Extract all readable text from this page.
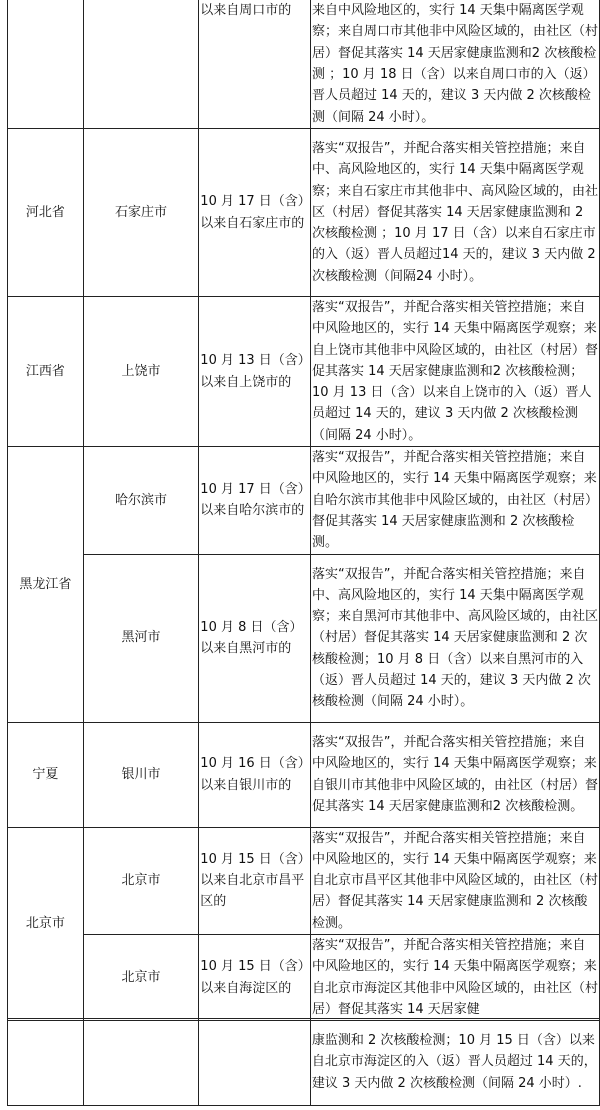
		以来自周口市的	来自中风险地区的，实行 14 天集中隔离医学观察；来自周口市其他非中风险区域的，由社区（村居）督促其落实 14 天居家健康监测和2 次核酸检测 ；10 月 18 日（含）以来自周口市的入（返）晋人员超过 14 天的，建议 3 天内做 2 次核酸检测（间隔 24 小时）。
河北省	石家庄市	10 月 17 日（含）以来自石家庄市的	落实“双报告”，并配合落实相关管控措施；来自中、高风险地区的，实行 14 天集中隔离医学观察；来自石家庄市其他非中、高风险区域的，由社区（村居）督促其落实 14 天居家健康监测和 2 次核酸检测 ；10 月 17 日（含）以来自石家庄市的入（返）晋人员超过14 天的，建议 3 天内做 2 次核酸检测（间隔24 小时）。
江西省	上饶市	10 月 13 日（含）以来自上饶市的	落实“双报告”，并配合落实相关管控措施；来自中风险地区的，实行 14 天集中隔离医学观察；来自上饶市其他非中风险区域的，由社区（村居）督促其落实 14 天居家健康监测和2 次核酸检测；10 月 13 日（含）以来自上饶市的入（返）晋人员超过 14 天的，建议 3 天内做 2 次核酸检测（间隔 24 小时）。
黑龙江省	哈尔滨市	10 月 17 日（含）以来自哈尔滨市的	落实“双报告”，并配合落实相关管控措施；来自中风险地区的，实行 14 天集中隔离医学观察；来自哈尔滨市其他非中风险区域的，由社区（村居）督促其落实 14 天居家健康监测和 2 次核酸检测。
	黑河市	10 月 8 日（含）以来自黑河市的	落实“双报告”，并配合落实相关管控措施；来自中、高风险地区的，实行 14 天集中隔离医学观察；来自黑河市其他非中、高风险区域的，由社区（村居）督促其落实 14 天居家健康监测和 2 次核酸检测；10 月 8 日（含）以来自黑河市的入（返）晋人员超过 14 天的，建议 3 天内做 2 次核酸检测（间隔 24 小时）。
宁夏	银川市	10 月 16 日（含）以来自银川市的	落实“双报告”，并配合落实相关管控措施；来自中风险地区的，实行 14 天集中隔离医学观察；来自银川市其他非中风险区域的，由社区（村居）督促其落实 14 天居家健康监测和2 次核酸检测。
北京市	北京市	10 月 15 日（含）以来自北京市昌平区的	落实“双报告”，并配合落实相关管控措施；来自中风险地区的，实行 14 天集中隔离医学观察；来自北京市昌平区其他非中风险区域的，由社区（村居）督促其落实 14 天居家健康监测和 2 次核酸检测。
	北京市	10 月 15 日（含）以来自海淀区的	落实“双报告”，并配合落实相关管控措施；来自中风险地区的，实行 14 天集中隔离医学观察；来自北京市海淀区其他非中风险区域的，由社区（村居）督促其落实 14 天居家健
			康监测和 2 次核酸检测；10 月 15 日（含）以来自北京市海淀区的入（返）晋人员超过 14 天的，建议 3 天内做 2 次核酸检测（间隔 24 小时）.
